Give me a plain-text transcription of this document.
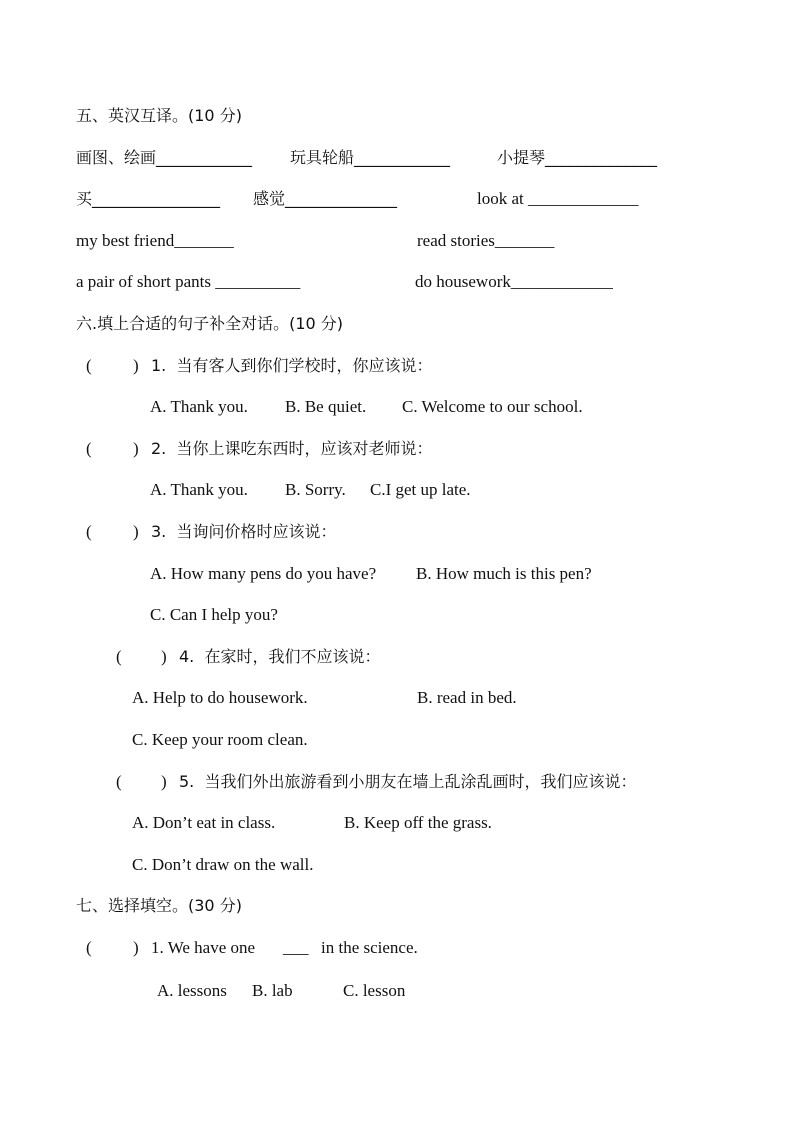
五、英汉互译。(10 分)
画图、绘画____________ 玩具轮船____________	小提琴______________
买________________ 感觉______________	look at _____________
my best friend_______	read stories_______
a pair of short pants __________	do housework____________
六.填上合适的句子补全对话。(10 分)
( ) 1.  当有客人到你们学校时，你应该说：
A. Thank you. B. Be quiet. C. Welcome to our school.
( ) 2.  当你上课吃东西时，应该对老师说：
A. Thank you. B. Sorry. C.I get up late.
( ) 3.  当询问价格时应该说：
A. How many pens do you have? B. How much is this pen?
C. Can I help you?
( ) 4.  在家时，我们不应该说：
A. Help to do housework.	B. read in bed.
C. Keep your room clean.
( ) 5.  当我们外出旅游看到小朋友在墙上乱涂乱画时，我们应该说：
A. Don’t eat in class.	B. Keep off the grass.
C. Don’t draw on the wall.
七、选择填空。(30 分)
( ) 1. We have one ___ in the science.
A. lessons B. lab	C. lesson
